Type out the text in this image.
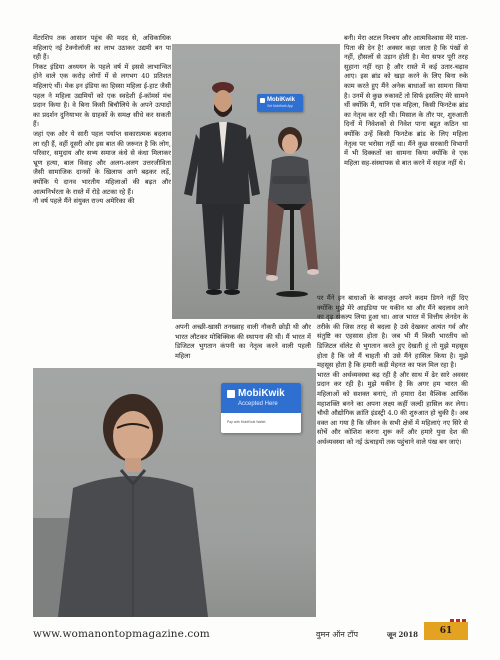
मेंटरशिप तक आसान पहुंच की मदद से, अधिकाधिक महिलाएं नई टेक्नोलॉजी का लाभ उठाकर उद्यमी बन पा रही हैं।

निकट इंडिया अध्ययन के पहले वर्ष में इससे लाभान्वित होने वाले एक करोड़ लोगों में से लगभग 40 प्रतिशत महिलाएं थीं। मेक इन इंडिया का हिस्सा महिला ई-हाट जैसी पहल ने महिला उद्यमियों को एक स्वदेशी ई-कॉमर्स मंच प्रदान किया है। वे बिना किसी बिचौलिये के अपने उत्पादों का प्रदर्शन दुनियाभर के ग्राहकों के समक्ष सीधे कर सकती हैं।

जहां एक ओर ये सारी पहल पर्याप्त सकारात्मक बदलाव ला रही हैं, वहीं दूसरी ओर इस बात की जरूरत है कि लोग, परिवार, समुदाय और सभ्य समाज कंधे से कंधा मिलाकर भ्रूण हत्या, बाल विवाह और अलग-अलग उत्तरजीविता जैसी सामाजिक दानवों के खिलाफ आगे बढ़कर लड़ें, क्योंकि ये दानव भारतीय महिलाओं की बढ़त और आत्मनिर्भरता के रास्ते में रोड़े अटका रहे हैं।

नौ वर्ष पहले मैंने संयुक्त राज्य अमेरिका की

MobiKwik
Get MobiKwik App

बनी। मेरा अटल निश्चय और आत्मविश्वास मेरे माता-पिता की देन है! अक्सर कहा जाता है कि पंखों से नहीं, हौसलों से उड़ान होती है। मेरा सफर पूरी तरह सुहाना नहीं रहा है और रास्ते में कई उतार-चढ़ाव आए। इस ब्रांड को खड़ा करने के लिए बिना रुके काम करते हुए मैंने अनेक बाधाओं का सामना किया है। उनमें से कुछ रुकावटें तो सिर्फ इसलिए मेरे सामने थीं क्योंकि मैं, यानि एक महिला, किसी फिनटेक ब्रांड का नेतृत्व कर रही थी। मिसाल के तौर पर, शुरुआती दिनों में निवेशकों से निवेश पाना बहुत कठिन था क्योंकि उन्हें किसी फिनटेक ब्रांड के लिए महिला नेतृत्व पर भरोसा नहीं था। मैंने कुछ सरकारी विभागों में भी दिक्कतों का सामना किया क्योंकि वे एक महिला सह-संस्थापक से बात करने में सहज नहीं थे।

अपनी अच्छी-खासी तनख्वाह वाली नौकरी छोड़ी थी और भारत लौटकर मोबिक्विक की स्थापना की थी। मैं भारत में डिजिटल भुगतान कंपनी का नेतृत्व करने वाली पहली महिला

MobiKwik
Accepted Here
Pay with MobiKwik Wallet

पर मैंने इन बाधाओं के बावजूद अपने कदम डिगने नहीं दिए क्योंकि मुझे मेरे आइडिया पर यकीन था और मैंने बदलाव लाने का दृढ़ संकल्प लिया हुआ था। आज भारत में वित्तीय लेनदेन के तरीके की जिस तरह से बदला है उसे देखकर अत्यंत गर्व और संतुष्टि का एहसास होता है। जब भी मैं किसी भारतीय को डिजिटल वॉलेट से भुगतान करते हुए देखती हूं तो मुझे महसूस होता है कि जो मैं चाहती थी उसे मैंने हासिल किया है। मुझे महसूस होता है कि हमारी कड़ी मेहनत का फल मिल रहा है।

भारत की अर्थव्यवस्था बढ़ रही है और साथ में ढेर सारे अवसर प्रदान कर रही है। मुझे यकीन है कि अगर हम भारत की महिलाओं को सशक्त बनाएं, तो हमारा देश वैश्विक आर्थिक महाशक्ति बनने का अपना लक्ष्य कहीं जल्दी हासिल कर लेगा। चौथी औद्योगिक क्रांति इंडस्ट्री 4.0 की शुरुआत हो चुकी है। अब वक्त आ गया है कि जीवन के सभी क्षेत्रों में महिलाएं नए सिरे से सोचें और कोशिश करना शुरू करें और हमारे युवा देश की अर्थव्यवस्था को नई ऊंचाइयों तक पहुंचाने वाले पंख बन जाएं।

www.womanontopmagazine.com	वुमन ऑन टॉप	जून 2018	61
